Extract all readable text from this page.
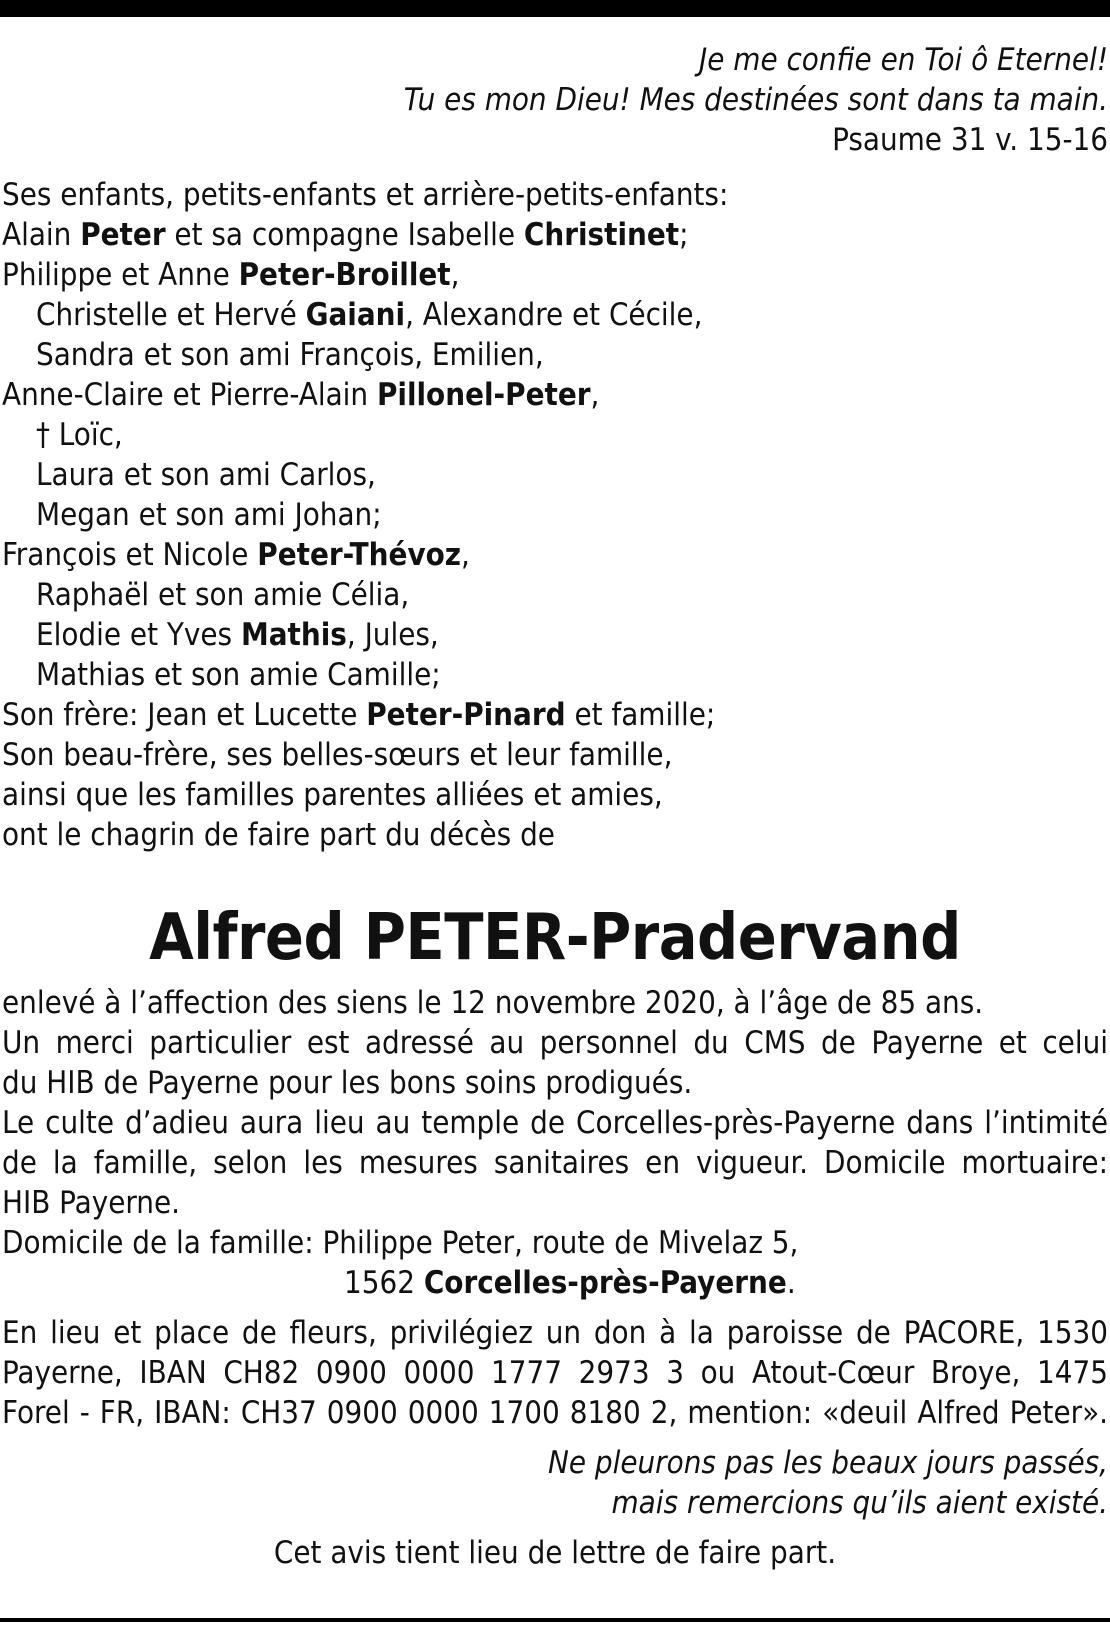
Je me confie en Toi ô Eternel!
Tu es mon Dieu! Mes destinées sont dans ta main.
Psaume 31 v. 15-16
Ses enfants, petits-enfants et arrière-petits-enfants:
Alain Peter et sa compagne Isabelle Christinet;
Philippe et Anne Peter-Broillet,
Christelle et Hervé Gaiani, Alexandre et Cécile,
Sandra et son ami François, Emilien,
Anne-Claire et Pierre-Alain Pillonel-Peter,
† Loïc,
Laura et son ami Carlos,
Megan et son ami Johan;
François et Nicole Peter-Thévoz,
Raphaël et son amie Célia,
Elodie et Yves Mathis, Jules,
Mathias et son amie Camille;
Son frère: Jean et Lucette Peter-Pinard et famille;
Son beau-frère, ses belles-sœurs et leur famille,
ainsi que les familles parentes alliées et amies,
ont le chagrin de faire part du décès de
Alfred PETER-Pradervand
enlevé à l’affection des siens le 12 novembre 2020, à l’âge de 85 ans.
Un merci particulier est adressé au personnel du CMS de Payerne et celui
du HIB de Payerne pour les bons soins prodigués.
Le culte d’adieu aura lieu au temple de Corcelles-près-Payerne dans l’intimité
de la famille, selon les mesures sanitaires en vigueur. Domicile mortuaire:
HIB Payerne.
Domicile de la famille: Philippe Peter, route de Mivelaz 5,
1562 Corcelles-près-Payerne.
En lieu et place de fleurs, privilégiez un don à la paroisse de PACORE, 1530
Payerne, IBAN CH82 0900 0000 1777 2973 3 ou Atout-Cœur Broye, 1475
Forel - FR, IBAN: CH37 0900 0000 1700 8180 2, mention: «deuil Alfred Peter».
Ne pleurons pas les beaux jours passés,
mais remercions qu’ils aient existé.
Cet avis tient lieu de lettre de faire part.
